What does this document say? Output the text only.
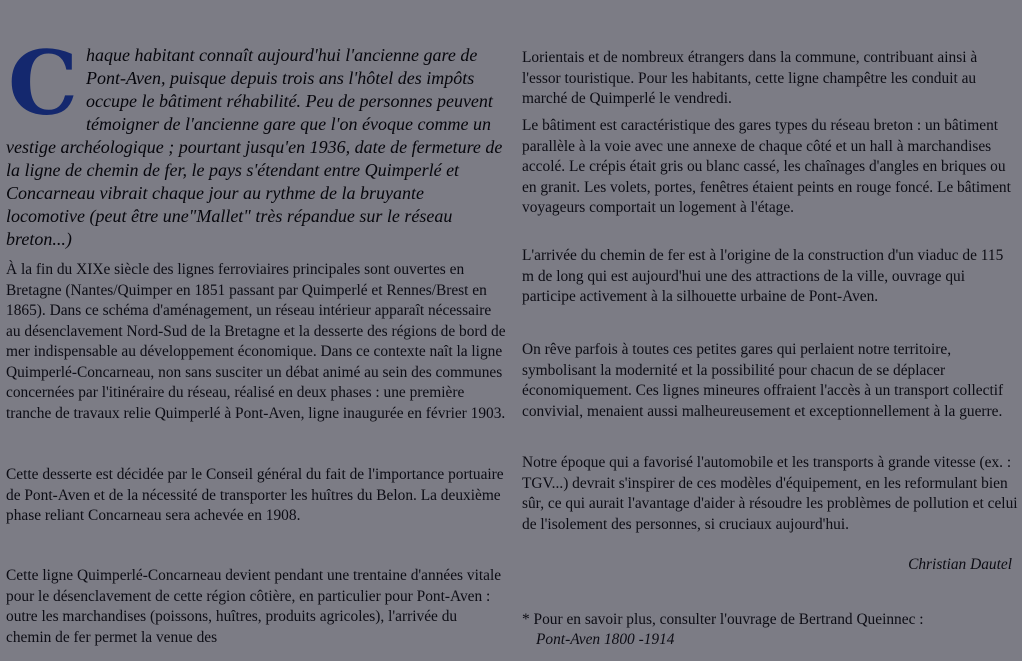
C haque habitant connaît aujourd'hui l'ancienne gare de Pont-Aven, puisque depuis trois ans l'hôtel des impôts occupe le bâtiment réhabilité. Peu de personnes peuvent témoigner de l'ancienne gare que l'on évoque comme un vestige archéologique ; pourtant jusqu'en 1936, date de fermeture de la ligne de chemin de fer, le pays s'étendant entre Quimperlé et Concarneau vibrait chaque jour au rythme de la bruyante locomotive (peut être une"Mallet" très répandue sur le réseau breton...)

À la fin du XIXe siècle des lignes ferroviaires principales sont ouvertes en Bretagne (Nantes/Quimper en 1851 passant par Quimperlé et Rennes/Brest en 1865). Dans ce schéma d'aménagement, un réseau intérieur apparaît nécessaire au désenclavement Nord-Sud de la Bretagne et la desserte des régions de bord de mer indispensable au développement économique. Dans ce contexte naît la ligne Quimperlé-Concarneau, non sans susciter un débat animé au sein des communes concernées par l'itinéraire du réseau, réalisé en deux phases : une première tranche de travaux relie Quimperlé à Pont-Aven, ligne inaugurée en février 1903.

Cette desserte est décidée par le Conseil général du fait de l'importance portuaire de Pont-Aven et de la nécessité de transporter les huîtres du Belon. La deuxième phase reliant Concarneau sera achevée en 1908.

Cette ligne Quimperlé-Concarneau devient pendant une trentaine d'années vitale pour le désenclavement de cette région côtière, en particulier pour Pont-Aven : outre les marchandises (poissons, huîtres, produits agricoles), l'arrivée du chemin de fer permet la venue des

Lorientais et de nombreux étrangers dans la commune, contribuant ainsi à l'essor touristique. Pour les habitants, cette ligne champêtre les conduit au marché de Quimperlé le vendredi.

Le bâtiment est caractéristique des gares types du réseau breton : un bâtiment parallèle à la voie avec une annexe de chaque côté et un hall à marchandises accolé. Le crépis était gris ou blanc cassé, les chaînages d'angles en briques ou en granit. Les volets, portes, fenêtres étaient peints en rouge foncé. Le bâtiment voyageurs comportait un logement à l'étage.

L'arrivée du chemin de fer est à l'origine de la construction d'un viaduc de 115 m de long qui est aujourd'hui une des attractions de la ville, ouvrage qui participe activement à la silhouette urbaine de Pont-Aven.

On rêve parfois à toutes ces petites gares qui perlaient notre territoire, symbolisant la modernité et la possibilité pour chacun de se déplacer économiquement. Ces lignes mineures offraient l'accès à un transport collectif convivial, menaient aussi malheureusement et exceptionnellement à la guerre.

Notre époque qui a favorisé l'automobile et les transports à grande vitesse (ex. : TGV...) devrait s'inspirer de ces modèles d'équipement, en les reformulant bien sûr, ce qui aurait l'avantage d'aider à résoudre les problèmes de pollution et celui de l'isolement des personnes, si cruciaux aujourd'hui.

Christian Dautel
* Pour en savoir plus, consulter l'ouvrage de Bertrand Queinnec :
Pont-Aven 1800 -1914
